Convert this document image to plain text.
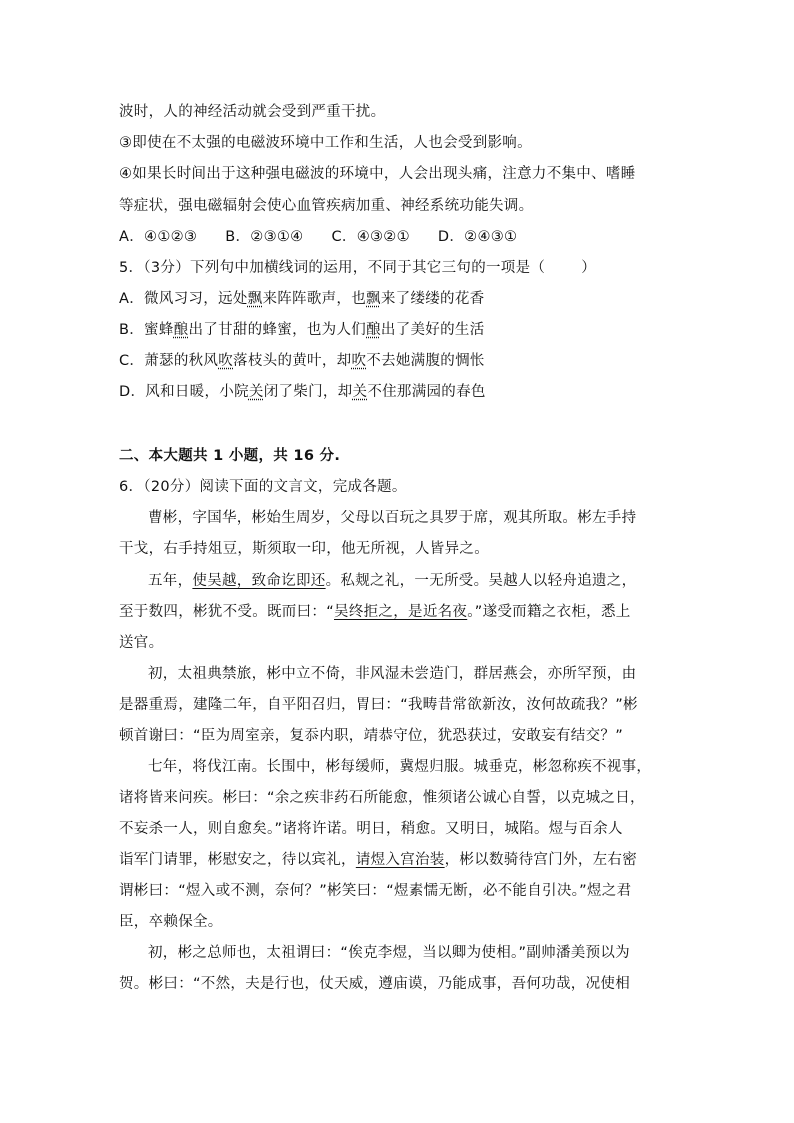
波时，人的神经活动就会受到严重干扰。
③即使在不太强的电磁波环境中工作和生活，人也会受到影响。
④如果长时间出于这种强电磁波的环境中，人会出现头痛，注意力不集中、嗜睡
等症状，强电磁辐射会使心血管疾病加重、神经系统功能失调。
A．④①②③ B．②③①④ C．④③②① D．②④③①
5．（3分）下列句中加横线词的运用，不同于其它三句的一项是（ ）
A．微风习习，远处飘来阵阵歌声，也飘来了缕缕的花香
B．蜜蜂酿出了甘甜的蜂蜜，也为人们酿出了美好的生活
C．萧瑟的秋风吹落枝头的黄叶，却吹不去她满腹的惆怅
D．风和日暖，小院关闭了柴门，却关不住那满园的春色
二、本大题共 1 小题，共 16 分.
6．（20分）阅读下面的文言文，完成各题。
曹彬，字国华，彬始生周岁，父母以百玩之具罗于席，观其所取。彬左手持
干戈，右手持俎豆，斯须取一印，他无所视，人皆异之。
五年，使吴越，致命讫即还。私觌之礼，一无所受。吴越人以轻舟追遗之，
至于数四，彬犹不受。既而曰：“吴终拒之，是近名夜。”遂受而籍之衣柜，悉上
送官。
初，太祖典禁旅，彬中立不倚，非风湿未尝造门，群居燕会，亦所罕预，由
是器重焉，建隆二年，自平阳召归，胃曰：“我畴昔常欲新汝，汝何故疏我？”彬
顿首谢曰：“臣为周室亲，复忝内职，靖恭守位，犹恐获过，安敢妄有结交？”
七年，将伐江南。长围中，彬每缓师，冀煜归服。城垂克，彬忽称疾不视事，
诸将皆来问疾。彬曰：“余之疾非药石所能愈，惟须诸公诚心自誓，以克城之日，
不妄杀一人，则自愈矣。”诸将许诺。明日，稍愈。又明日，城陷。煜与百余人
诣军门请罪，彬慰安之，待以宾礼，请煜入宫治装，彬以数骑待宫门外，左右密
谓彬曰：“煜入或不测，奈何？”彬笑曰：“煜素懦无断，必不能自引决。”煜之君
臣，卒赖保全。
初，彬之总师也，太祖谓曰：“俟克李煜，当以卿为使相。”副帅潘美预以为
贺。彬曰：“不然，夫是行也，仗天威，遵庙谟，乃能成事，吾何功哉，况使相
